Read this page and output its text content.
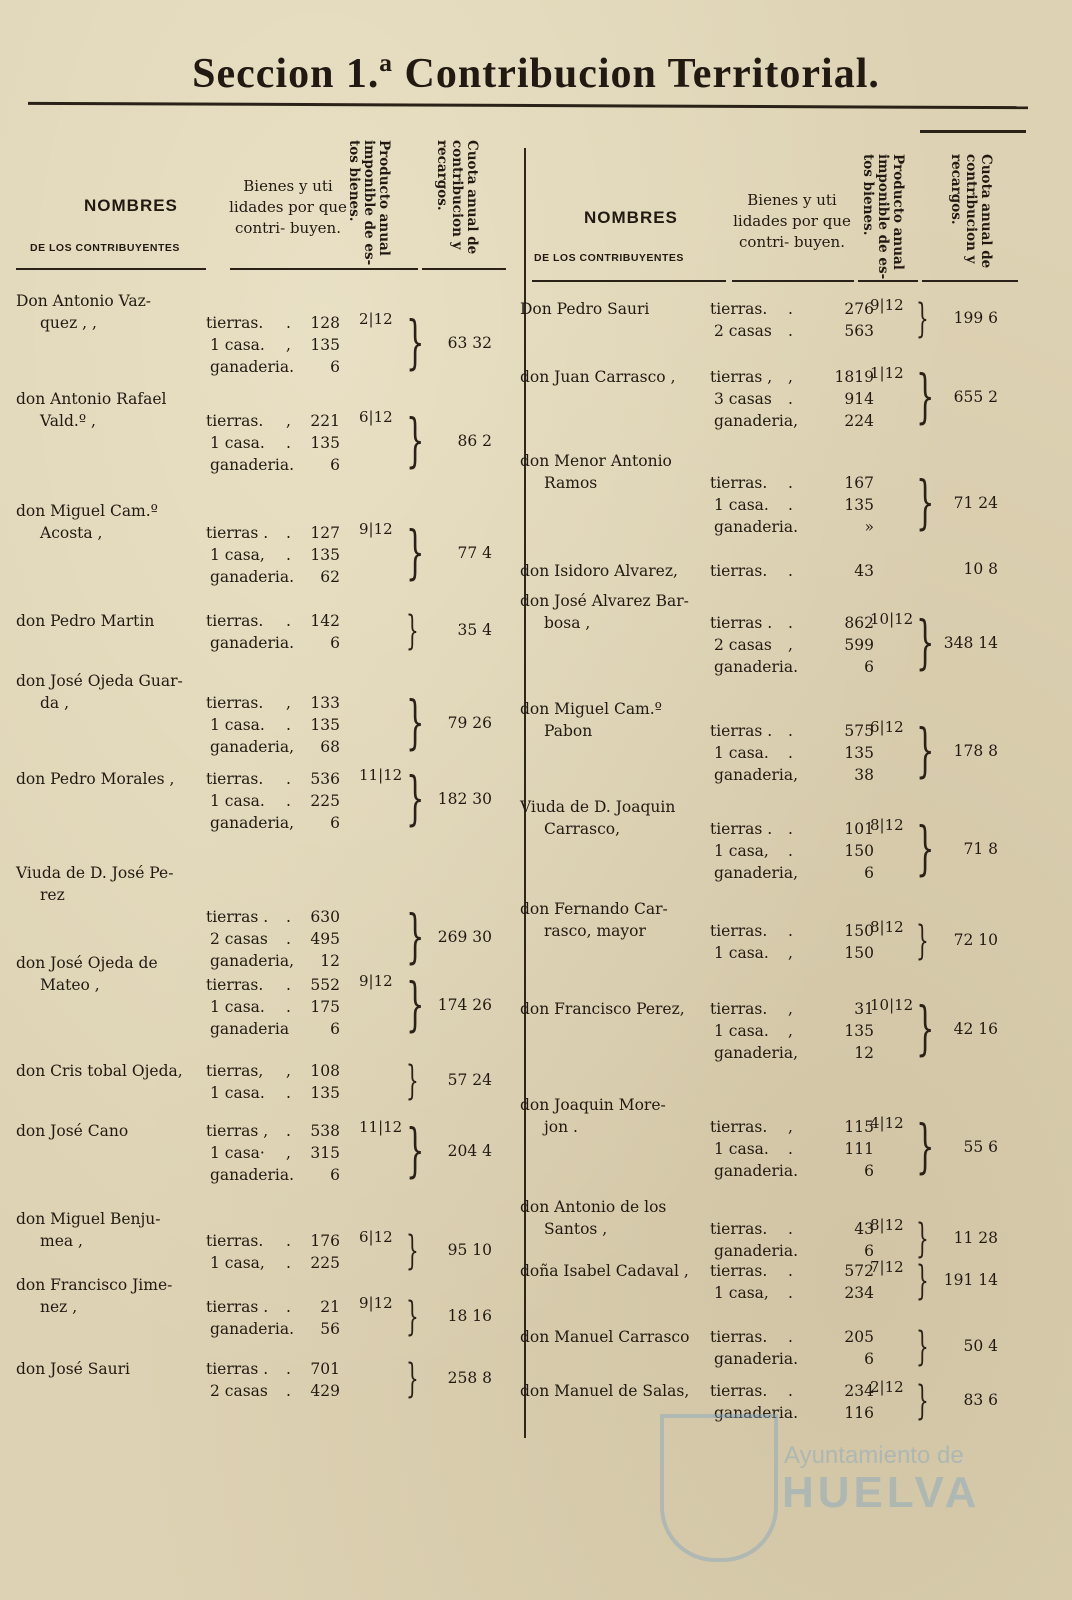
Seccion 1.ª Contribucion Territorial.
NOMBRES
DE LOS CONTRIBUYENTES
Bienes y uti lidades por que contri- buyen.	Producto anual imponible de es- tos bienes.	Cuota anual de contribucion y recargos.
Don Antonio Vaz-
quez , ,	tierras. .	128
1 casa. ,	135
ganaderia.	6
2|12 }	63 32
don Antonio Rafael
Vald.º ,	tierras. ,	221
1 casa. .	135
ganaderia.	6
6|12 }	86 2
don Miguel Cam.º
Acosta ,	tierras . .	127
1 casa, .	135
ganaderia.	62
9|12 }	77 4
don Pedro Martin	tierras. .	142
ganaderia.	6 }	35 4
don José Ojeda Guar-
da ,	tierras. ,	133
1 casa. .	135
ganaderia,	68 }	79 26
don Pedro Morales ,	tierras. .	536
1 casa. .	225
ganaderia,	6
11|12 } 182 30
Viuda de D. José Pe-
rez
tierras . .	630
2 casas .	495
ganaderia,	12 } 269 30
don José Ojeda de
Mateo ,	tierras. .	552
1 casa. .	175
ganaderia	6
9|12 } 174 26
don Cris tobal Ojeda,	tierras, ,	108
1 casa. .	135 }	57 24
don José Cano	tierras , .	538
1 casa· ,	315
ganaderia.	6
11|12 }	204 4
don Miguel Benju-
mea ,	tierras. .	176
1 casa, .	225
6|12 }	95 10
don Francisco Jime-
nez ,	tierras . .	21
ganaderia.	56
9|12 }	18 16
don José Sauri	tierras . .	701
2 casas .	429 }	258 8
NOMBRES
DE LOS CONTRIBUYENTES
Bienes y uti lidades por que contri- buyen.	Producto anual imponible de es- tos bienes.	Cuota anual de contribucion y recargos.
Don Pedro Sauri	tierras. .	276
2 casas .	563
9|12 }	199 6
don Juan Carrasco ,	tierras , ,	1819
3 casas .	914
ganaderia,	224
1|12 }	655 2
don Menor Antonio
Ramos	tierras. .	167
1 casa. .	135
ganaderia.	» }	71 24
don Isidoro Alvarez,	tierras. .	43	10 8
don José Alvarez Bar-
bosa ,	tierras . .	862
2 casas ,	599
ganaderia.	6
10|12 } 348 14
don Miguel Cam.º
Pabon	tierras . .	575
1 casa. .	135
ganaderia,	38
6|12 }	178 8
Viuda de D. Joaquin
Carrasco,	tierras . .	101
1 casa, .	150
ganaderia,	6
8|12 }	71 8
don Fernando Car-
rasco, mayor	tierras. .	150
1 casa. ,	150
8|12 }	72 10
don Francisco Perez,	tierras. ,	31
1 casa. ,	135
ganaderia,	12
10|12 }	42 16
don Joaquin More-
jon .	tierras. ,	115
1 casa. .	111
ganaderia.	6
4|12 }	55 6
don Antonio de los
Santos ,	tierras. .	43
ganaderia.	6
8|12 }	11 28
doña Isabel Cadaval ,	tierras. .	572
1 casa, .	234
7|12 } 191 14
don Manuel Carrasco	tierras. .	205
ganaderia.	6 }	50 4
don Manuel de Salas,	tierras. .	234
ganaderia.	116
2|12 }	83 6
Ayuntamiento de
HUELVA
